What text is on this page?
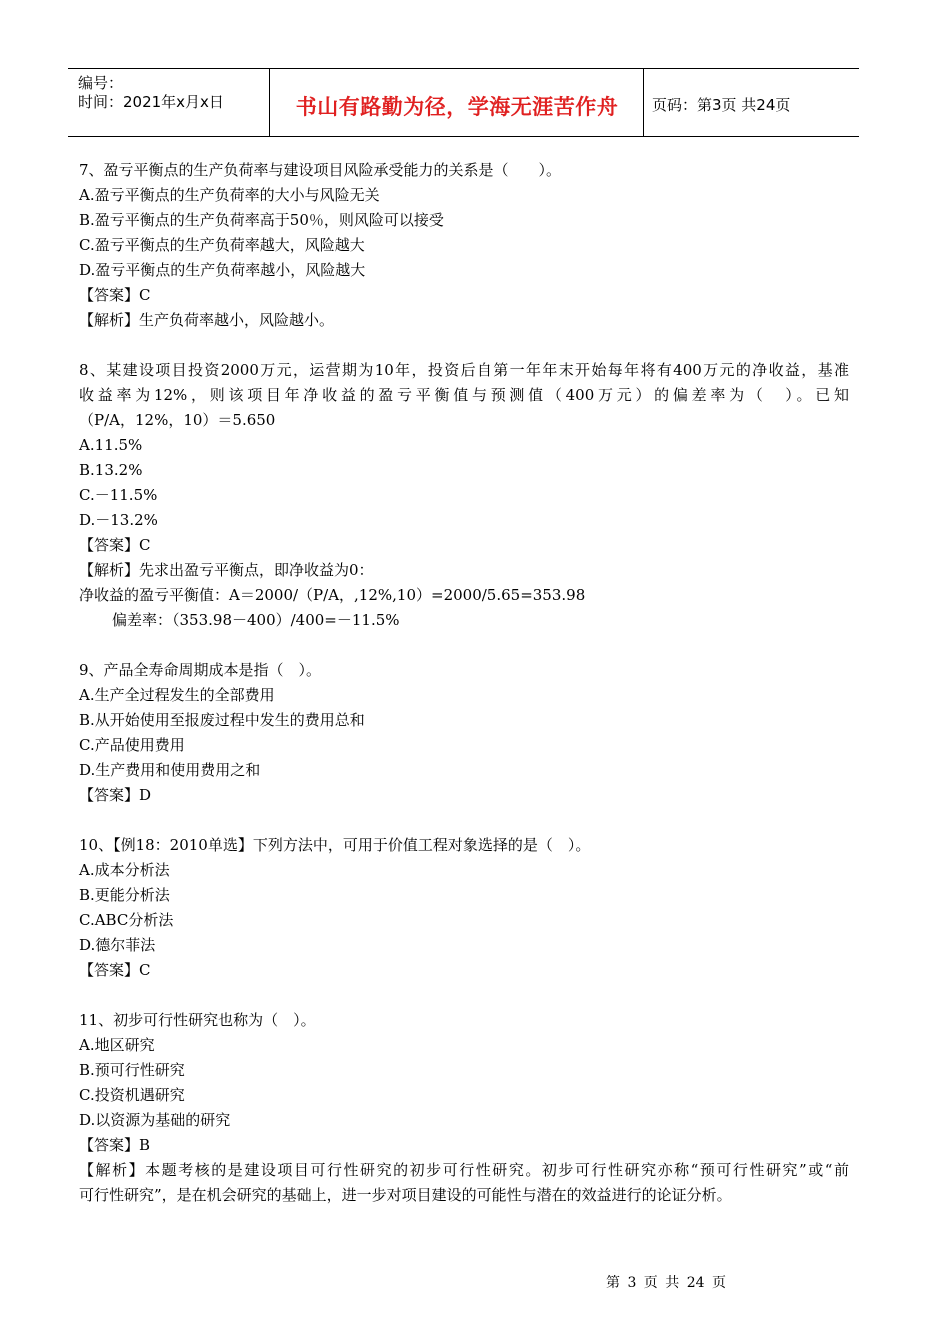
编号：
时间：2021年x月x日	书山有路勤为径，学海无涯苦作舟	页码：第3页 共24页
7、盈亏平衡点的生产负荷率与建设项目风险承受能力的关系是（　　）。
A.盈亏平衡点的生产负荷率的大小与风险无关
B.盈亏平衡点的生产负荷率高于50％，则风险可以接受
C.盈亏平衡点的生产负荷率越大，风险越大
D.盈亏平衡点的生产负荷率越小，风险越大
【答案】C
【解析】生产负荷率越小，风险越小。
8、某建设项目投资2000万元，运营期为10年，投资后自第一年年末开始每年将有400万元的净收益，基准
收益率为12%，则该项目年净收益的盈亏平衡值与预测值（400万元）的偏差率为（　）。已知
（P/A，12%，10）＝5.650
A.11.5%
B.13.2%
C.－11.5%
D.－13.2%
【答案】C
【解析】先求出盈亏平衡点，即净收益为0：
净收益的盈亏平衡值：A＝2000/（P/A，,12%,10）=2000/5.65=353.98
偏差率：（353.98－400）/400=－11.5%
9、产品全寿命周期成本是指（　）。
A.生产全过程发生的全部费用
B.从开始使用至报废过程中发生的费用总和
C.产品使用费用
D.生产费用和使用费用之和
【答案】D
10、【例18：2010单选】下列方法中，可用于价值工程对象选择的是（　）。
A.成本分析法
B.更能分析法
C.ABC分析法
D.德尔菲法
【答案】C
11、初步可行性研究也称为（　）。
A.地区研究
B.预可行性研究
C.投资机遇研究
D.以资源为基础的研究
【答案】B
【解析】本题考核的是建设项目可行性研究的初步可行性研究。初步可行性研究亦称“预可行性研究”或“前
可行性研究”，是在机会研究的基础上，进一步对项目建设的可能性与潜在的效益进行的论证分析。
第 3 页 共 24 页
